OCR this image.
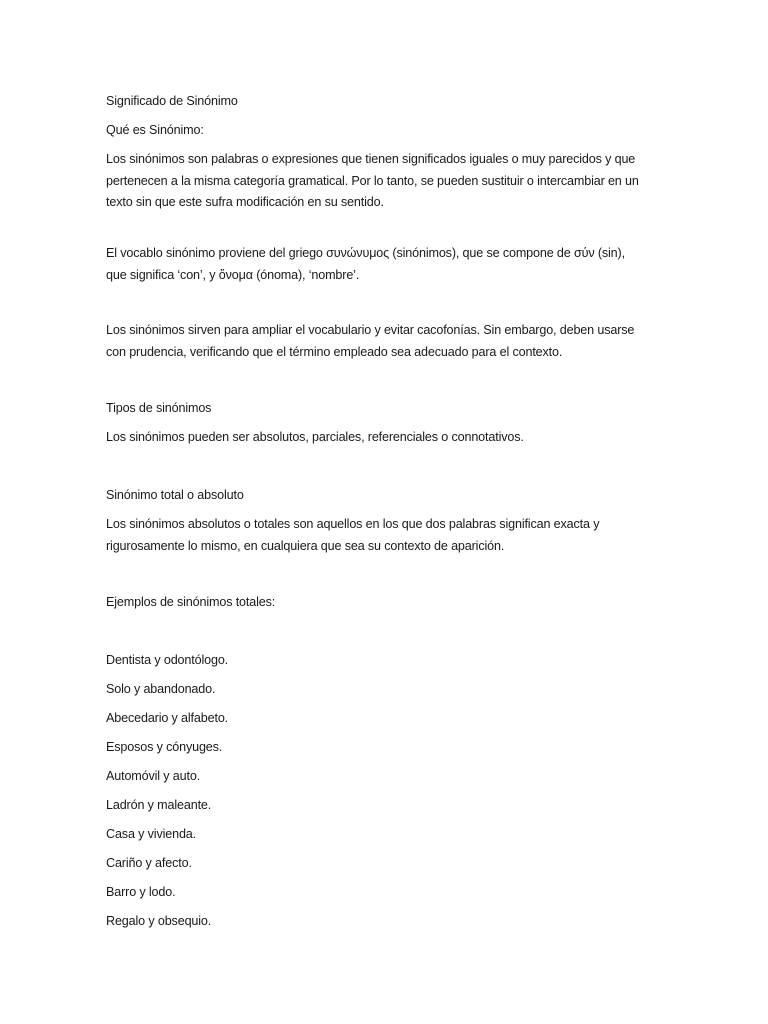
Significado de Sinónimo

Qué es Sinónimo:

Los sinónimos son palabras o expresiones que tienen significados iguales o muy parecidos y que
pertenecen a la misma categoría gramatical. Por lo tanto, se pueden sustituir o intercambiar en un
texto sin que este sufra modificación en su sentido.

El vocablo sinónimo proviene del griego συνώνυμος (sinónimos), que se compone de σύν (sin),
que significa ‘con’, y ὄνομα (ónoma), ‘nombre’.

Los sinónimos sirven para ampliar el vocabulario y evitar cacofonías. Sin embargo, deben usarse
con prudencia, verificando que el término empleado sea adecuado para el contexto.

Tipos de sinónimos

Los sinónimos pueden ser absolutos, parciales, referenciales o connotativos.

Sinónimo total o absoluto

Los sinónimos absolutos o totales son aquellos en los que dos palabras significan exacta y
rigurosamente lo mismo, en cualquiera que sea su contexto de aparición.

Ejemplos de sinónimos totales:

Dentista y odontólogo.

Solo y abandonado.

Abecedario y alfabeto.

Esposos y cónyuges.

Automóvil y auto.

Ladrón y maleante.

Casa y vivienda.

Cariño y afecto.

Barro y lodo.

Regalo y obsequio.
